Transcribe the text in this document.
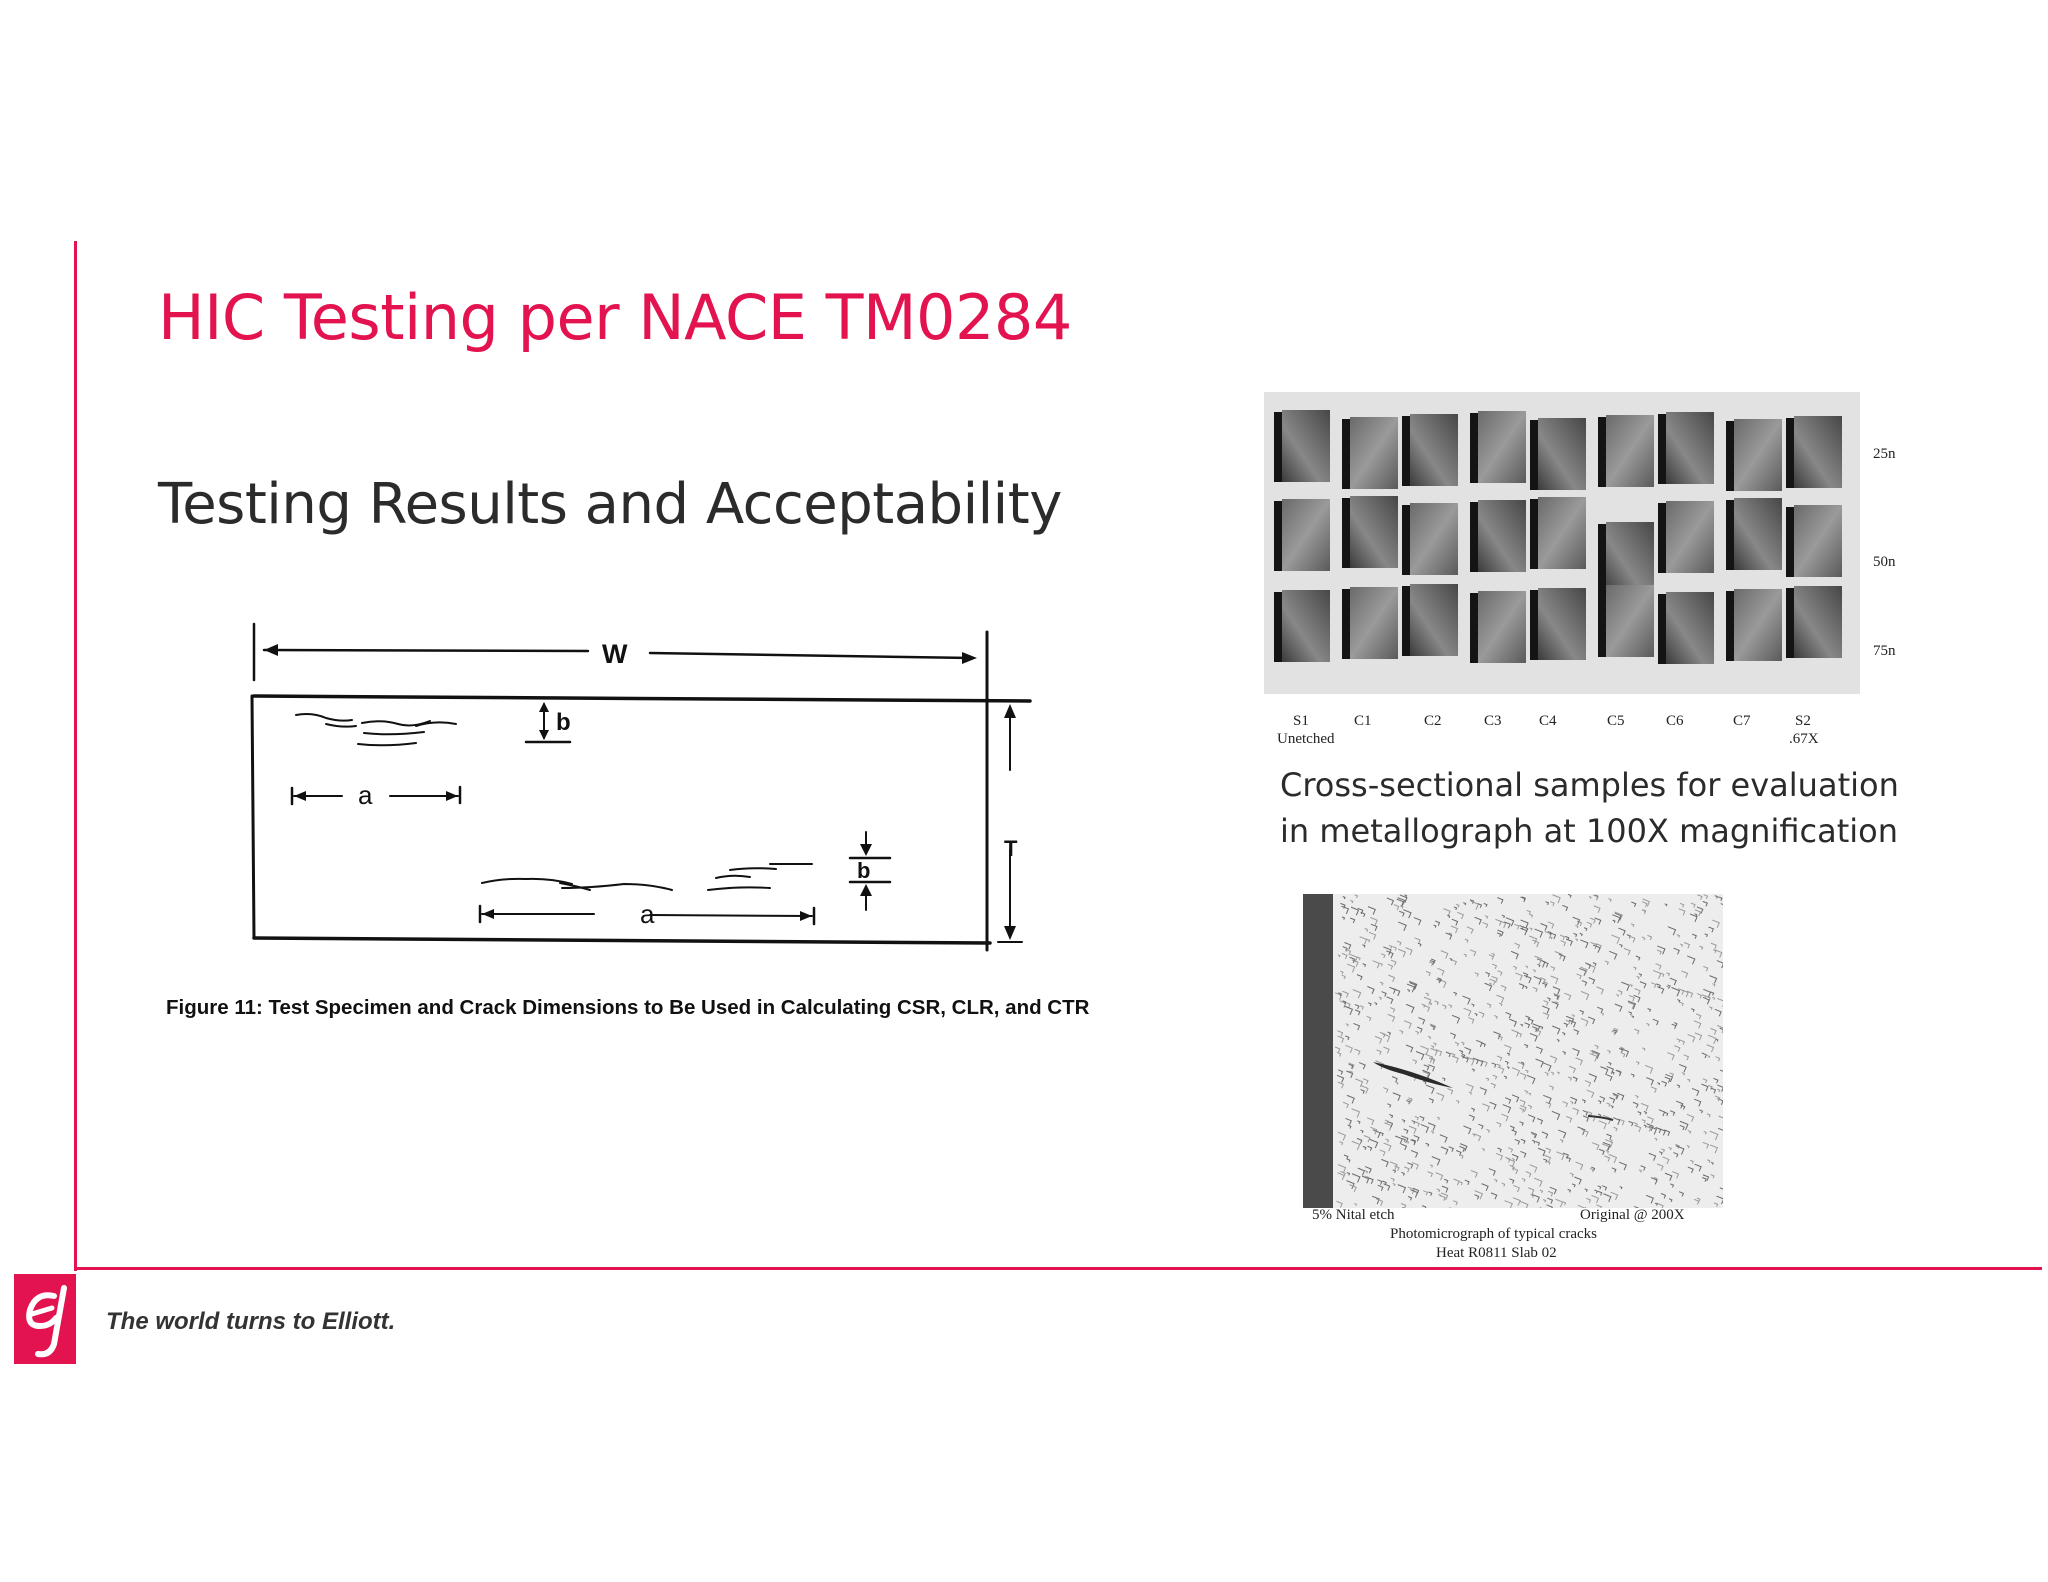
HIC Testing per NACE TM0284
Testing Results and Acceptability
W
T
b
a
a
b
Figure 11: Test Specimen and Crack Dimensions to Be Used in Calculating CSR, CLR, and CTR
25n
50n
75n
S1	C1	C2	C3 C4	C5	C6	C7	S2
Unetched	.67X
Cross-sectional samples for evaluation
in metallograph at 100X magnification
5% Nital etch	Original @ 200X
Photomicrograph of typical cracks
Heat R0811 Slab 02
The world turns to Elliott.
